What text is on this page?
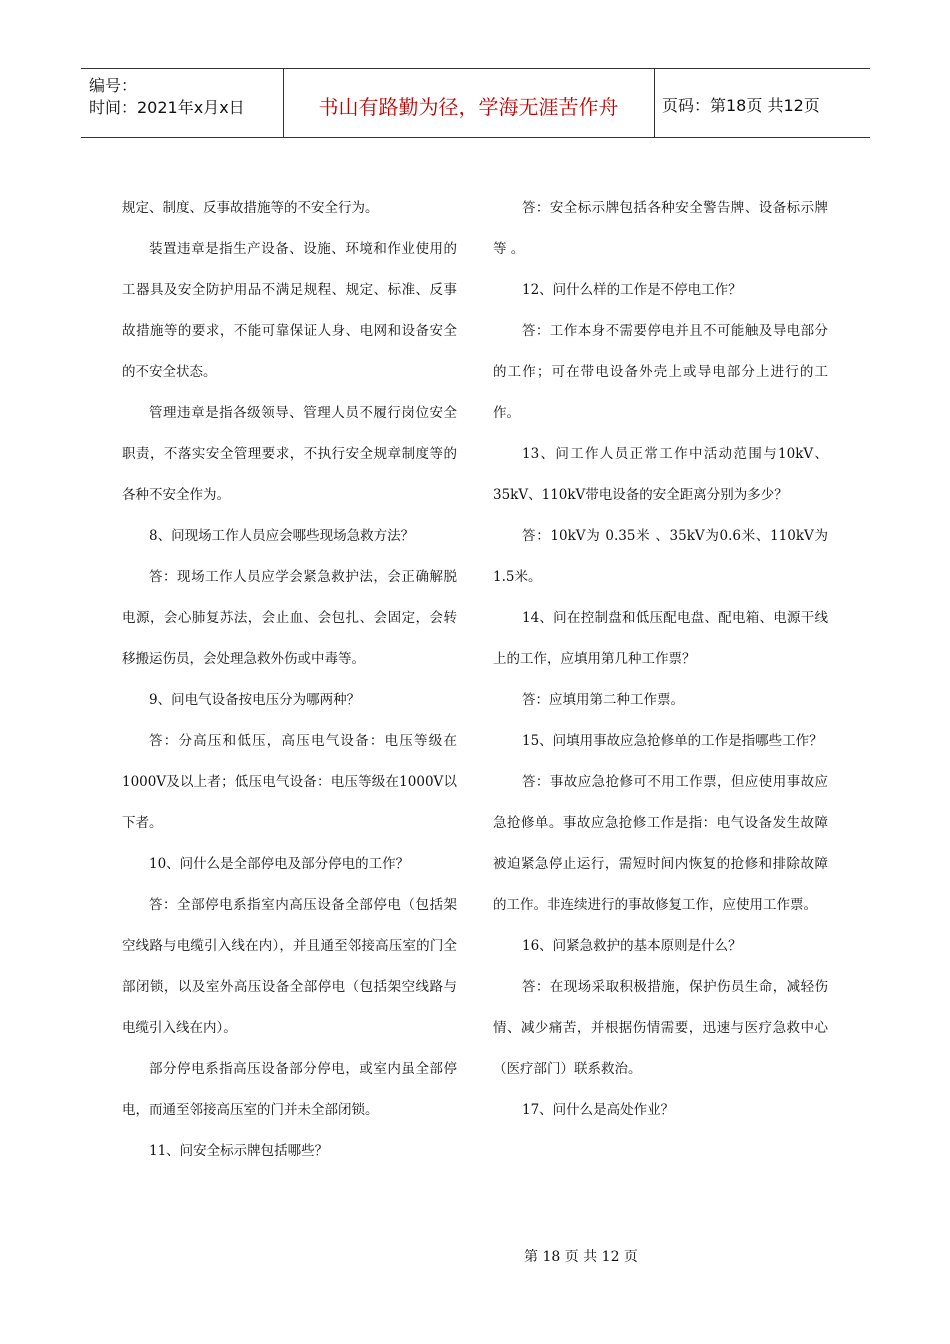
编号：
时间：2021年x月x日	书山有路勤为径，学海无涯苦作舟	页码：第18页 共12页

规定、制度、反事故措施等的不安全行为。

装置违章是指生产设备、设施、环境和作业使用的工器具及安全防护用品不满足规程、规定、标准、反事故措施等的要求，不能可靠保证人身、电网和设备安全的不安全状态。

管理违章是指各级领导、管理人员不履行岗位安全职责，不落实安全管理要求，不执行安全规章制度等的各种不安全作为。

8、问现场工作人员应会哪些现场急救方法？

答：现场工作人员应学会紧急救护法，会正确解脱电源，会心肺复苏法，会止血、会包扎、会固定，会转移搬运伤员，会处理急救外伤或中毒等。

9、问电气设备按电压分为哪两种？

答：分高压和低压，高压电气设备：电压等级在1000V及以上者；低压电气设备：电压等级在1000V以下者。

10、问什么是全部停电及部分停电的工作？

答：全部停电系指室内高压设备全部停电（包括架空线路与电缆引入线在内），并且通至邻接高压室的门全部闭锁，以及室外高压设备全部停电（包括架空线路与电缆引入线在内）。

部分停电系指高压设备部分停电，或室内虽全部停电，而通至邻接高压室的门并未全部闭锁。

11、问安全标示牌包括哪些？

答：安全标示牌包括各种安全警告牌、设备标示牌等 。

12、问什么样的工作是不停电工作？

答：工作本身不需要停电并且不可能触及导电部分的工作；可在带电设备外壳上或导电部分上进行的工作。

13、问工作人员正常工作中活动范围与10kV、35kV、110kV带电设备的安全距离分别为多少？

答：10kV为 0.35米 、35kV为0.6米、110kV为1.5米。

14、问在控制盘和低压配电盘、配电箱、电源干线上的工作，应填用第几种工作票？

答：应填用第二种工作票。

15、问填用事故应急抢修单的工作是指哪些工作？

答：事故应急抢修可不用工作票，但应使用事故应急抢修单。事故应急抢修工作是指：电气设备发生故障被迫紧急停止运行，需短时间内恢复的抢修和排除故障的工作。非连续进行的事故修复工作，应使用工作票。

16、问紧急救护的基本原则是什么？

答：在现场采取积极措施，保护伤员生命，减轻伤情、减少痛苦，并根据伤情需要，迅速与医疗急救中心（医疗部门）联系救治。

17、问什么是高处作业？

第 18 页 共 12 页
